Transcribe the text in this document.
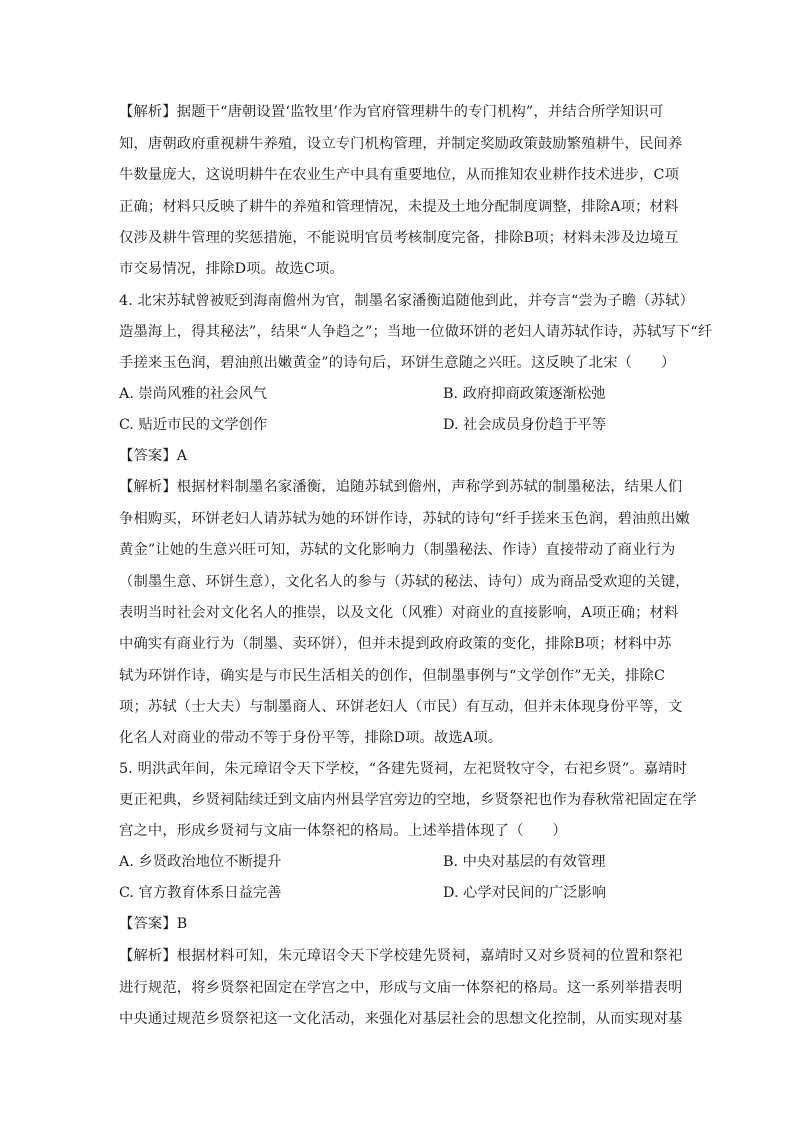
【解析】据题干“唐朝设置‘监牧里’作为官府管理耕牛的专门机构”，并结合所学知识可
知，唐朝政府重视耕牛养殖，设立专门机构管理，并制定奖励政策鼓励繁殖耕牛，民间养
牛数量庞大，这说明耕牛在农业生产中具有重要地位，从而推知农业耕作技术进步，C项
正确；材料只反映了耕牛的养殖和管理情况，未提及土地分配制度调整，排除A项；材料
仅涉及耕牛管理的奖惩措施，不能说明官员考核制度完备，排除B项；材料未涉及边境互
市交易情况，排除D项。故选C项。
4. 北宋苏轼曾被贬到海南儋州为官，制墨名家潘衡追随他到此，并夸言“尝为子瞻（苏轼）
造墨海上，得其秘法”，结果“人争趋之”；当地一位做环饼的老妇人请苏轼作诗，苏轼写下“纤
手搓来玉色润，碧油煎出嫩黄金”的诗句后，环饼生意随之兴旺。这反映了北宋（　　）
A. 崇尚风雅的社会风气	B. 政府抑商政策逐渐松弛
C. 贴近市民的文学创作	D. 社会成员身份趋于平等
【答案】A
【解析】根据材料制墨名家潘衡，追随苏轼到儋州，声称学到苏轼的制墨秘法，结果人们
争相购买，环饼老妇人请苏轼为她的环饼作诗，苏轼的诗句“纤手搓来玉色润，碧油煎出嫩
黄金”让她的生意兴旺可知，苏轼的文化影响力（制墨秘法、作诗）直接带动了商业行为
（制墨生意、环饼生意），文化名人的参与（苏轼的秘法、诗句）成为商品受欢迎的关键，
表明当时社会对文化名人的推崇，以及文化（风雅）对商业的直接影响，A项正确；材料
中确实有商业行为（制墨、卖环饼），但并未提到政府政策的变化，排除B项；材料中苏
轼为环饼作诗，确实是与市民生活相关的创作，但制墨事例与“文学创作”无关，排除C
项；苏轼（士大夫）与制墨商人、环饼老妇人（市民）有互动，但并未体现身份平等，文
化名人对商业的带动不等于身份平等，排除D项。故选A项。
5. 明洪武年间，朱元璋诏令天下学校，“各建先贤祠，左祀贤牧守令，右祀乡贤”。嘉靖时
更正祀典，乡贤祠陆续迁到文庙内州县学宫旁边的空地，乡贤祭祀也作为春秋常祀固定在学
宫之中，形成乡贤祠与文庙一体祭祀的格局。上述举措体现了（　　）
A. 乡贤政治地位不断提升	B. 中央对基层的有效管理
C. 官方教育体系日益完善	D. 心学对民间的广泛影响
【答案】B
【解析】根据材料可知，朱元璋诏令天下学校建先贤祠，嘉靖时又对乡贤祠的位置和祭祀
进行规范，将乡贤祭祀固定在学宫之中，形成与文庙一体祭祀的格局。这一系列举措表明
中央通过规范乡贤祭祀这一文化活动，来强化对基层社会的思想文化控制，从而实现对基
